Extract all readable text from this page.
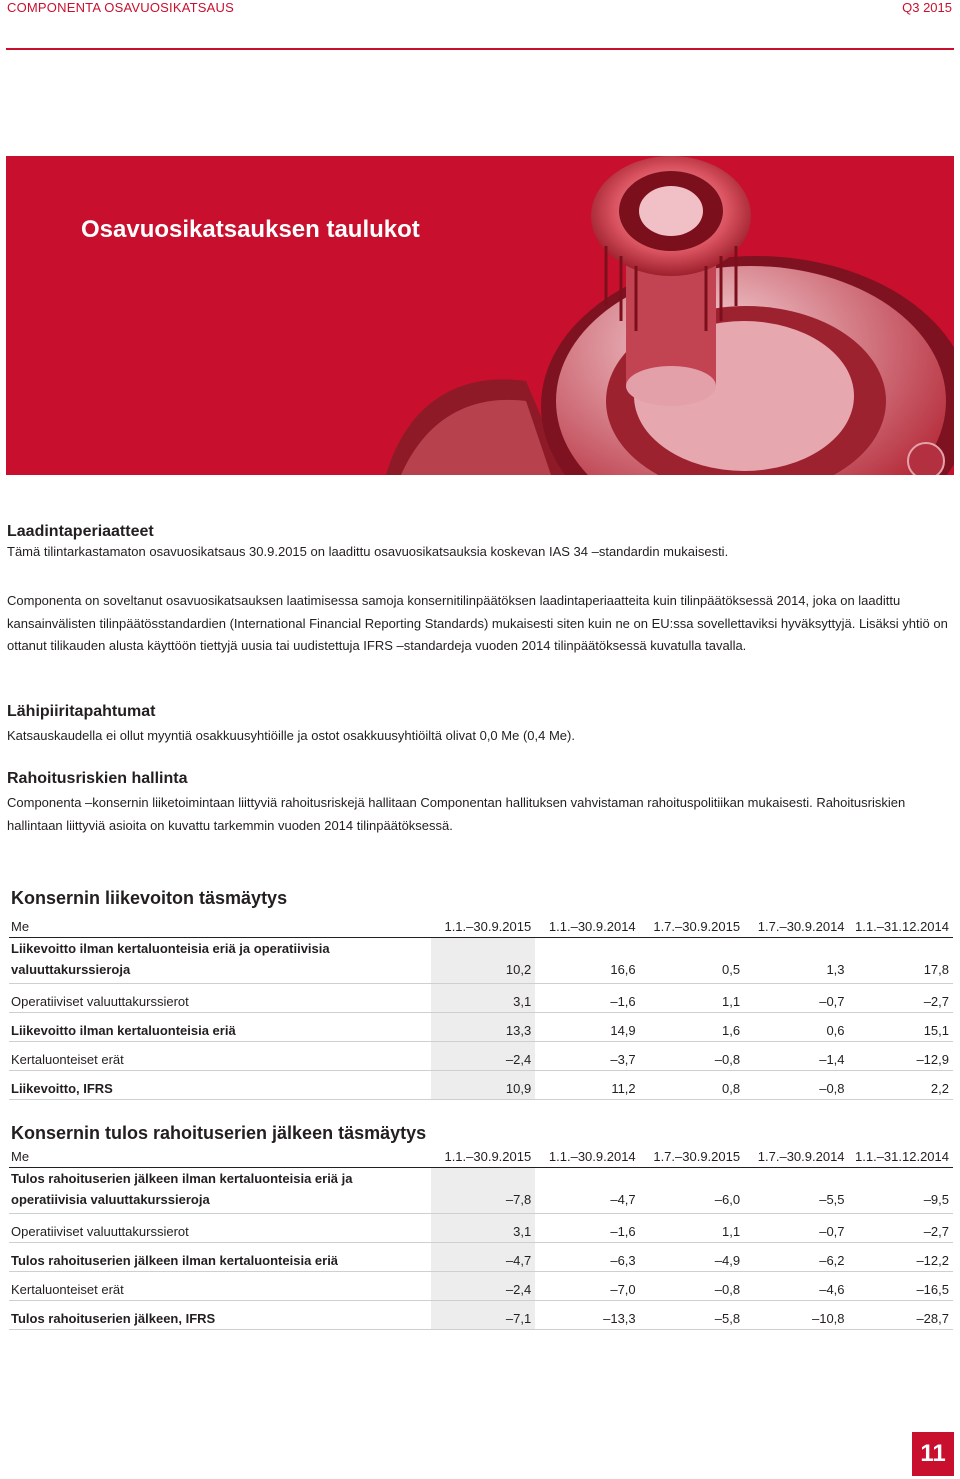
COMPONENTA OSAVUOSIKATSAUS	Q3 2015
Osavuosikatsauksen taulukot
Laadintaperiaatteet
Tämä tilintarkastamaton osavuosikatsaus 30.9.2015 on laadittu osavuosikatsauksia koskevan IAS 34 –standardin mukaisesti.
Componenta on soveltanut osavuosikatsauksen laatimisessa samoja konsernitilinpäätöksen laadintaperiaatteita kuin tilinpäätöksessä 2014, joka on laadittu kansainvälisten tilinpäätösstandardien (International Financial Reporting Standards) mukaisesti siten kuin ne on EU:ssa sovellettaviksi hyväksyttyjä. Lisäksi yhtiö on ottanut tilikauden alusta käyttöön tiettyjä uusia tai uudistettuja IFRS –standardeja vuoden 2014 tilinpäätöksessä kuvatulla tavalla.
Lähipiiritapahtumat
Katsauskaudella ei ollut myyntiä osakkuusyhtiöille ja ostot osakkuusyhtiöiltä olivat 0,0 Me (0,4 Me).
Rahoitusriskien hallinta
Componenta –konsernin liiketoimintaan liittyviä rahoitusriskejä hallitaan Componentan hallituksen vahvistaman rahoituspolitiikan mukaisesti. Rahoitusriskien hallintaan liittyviä asioita on kuvattu tarkemmin vuoden 2014 tilinpäätöksessä.
Konsernin liikevoiton täsmäytys
Me	1.1.–30.9.2015	1.1.–30.9.2014	1.7.–30.9.2015	1.7.–30.9.2014	1.1.–31.12.2014
Liikevoitto ilman kertaluonteisia eriä ja operatiivisia valuuttakurssieroja	10,2	16,6	0,5	1,3	17,8
Operatiiviset valuuttakurssierot	3,1	–1,6	1,1	–0,7	–2,7
Liikevoitto ilman kertaluonteisia eriä	13,3	14,9	1,6	0,6	15,1
Kertaluonteiset erät	–2,4	–3,7	–0,8	–1,4	–12,9
Liikevoitto, IFRS	10,9	11,2	0,8	–0,8	2,2
Konsernin tulos rahoituserien jälkeen täsmäytys
Me	1.1.–30.9.2015	1.1.–30.9.2014	1.7.–30.9.2015	1.7.–30.9.2014	1.1.–31.12.2014
Tulos rahoituserien jälkeen ilman kertaluonteisia eriä ja operatiivisia valuuttakurssieroja	–7,8	–4,7	–6,0	–5,5	–9,5
Operatiiviset valuuttakurssierot	3,1	–1,6	1,1	–0,7	–2,7
Tulos rahoituserien jälkeen ilman kertaluonteisia eriä	–4,7	–6,3	–4,9	–6,2	–12,2
Kertaluonteiset erät	–2,4	–7,0	–0,8	–4,6	–16,5
Tulos rahoituserien jälkeen, IFRS	–7,1	–13,3	–5,8	–10,8	–28,7
11
